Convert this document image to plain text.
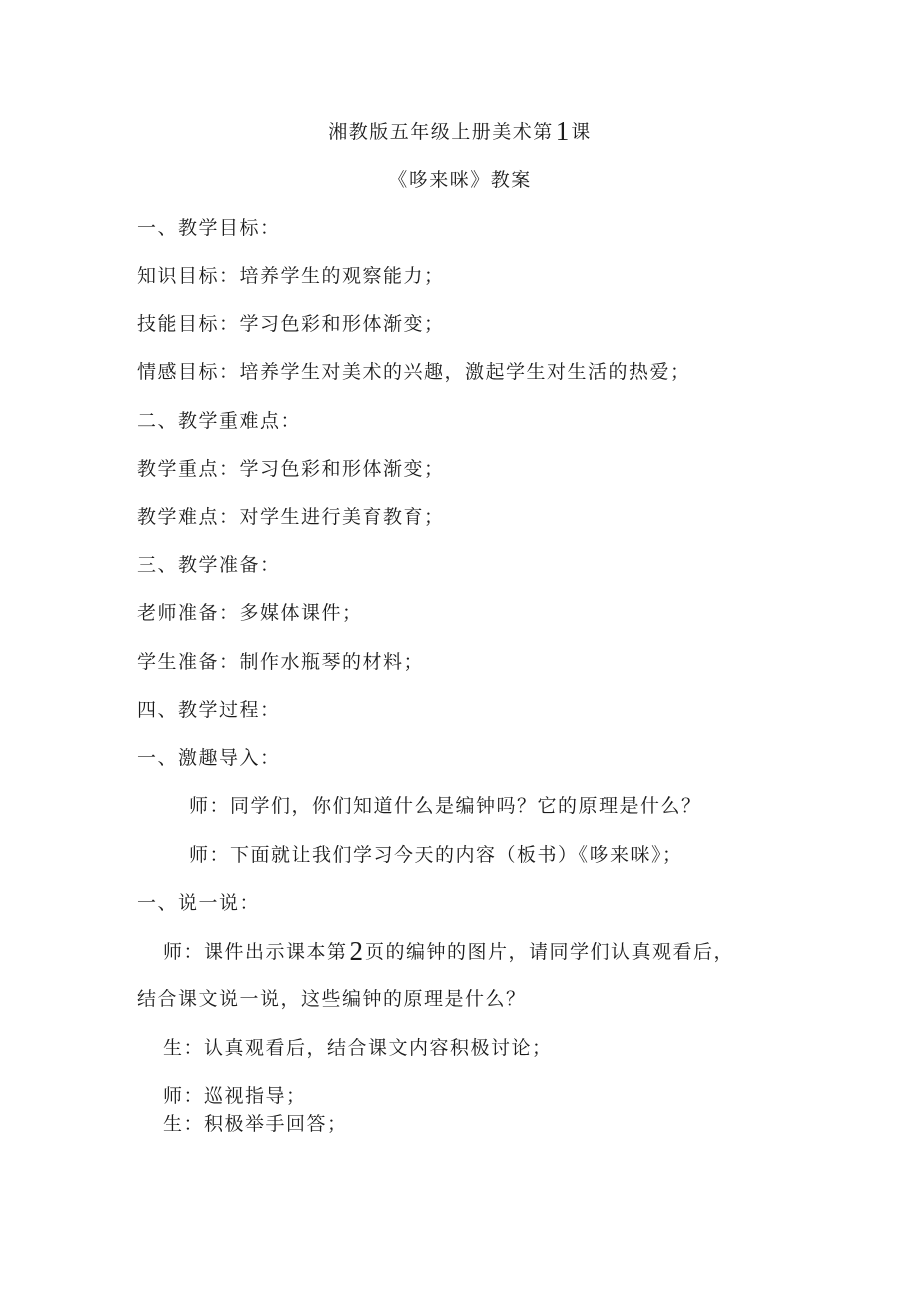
湘教版五年级上册美术第1 课
《哆来咪》教案
一、教学目标：
知识目标：培养学生的观察能力；
技能目标：学习色彩和形体渐变；
情感目标：培养学生对美术的兴趣，激起学生对生活的热爱；
二、教学重难点：
教学重点：学习色彩和形体渐变；
教学难点：对学生进行美育教育；
三、教学准备：
老师准备：多媒体课件；
学生准备：制作水瓶琴的材料；
四、教学过程：
一、激趣导入：
师：同学们，你们知道什么是编钟吗？它的原理是什么？
师：下面就让我们学习今天的内容（板书）《哆来咪》；
一、说一说：
师：课件出示课本第2 页的编钟的图片，请同学们认真观看后，
结合课文说一说，这些编钟的原理是什么？
生：认真观看后，结合课文内容积极讨论；
师：巡视指导；
生：积极举手回答；
